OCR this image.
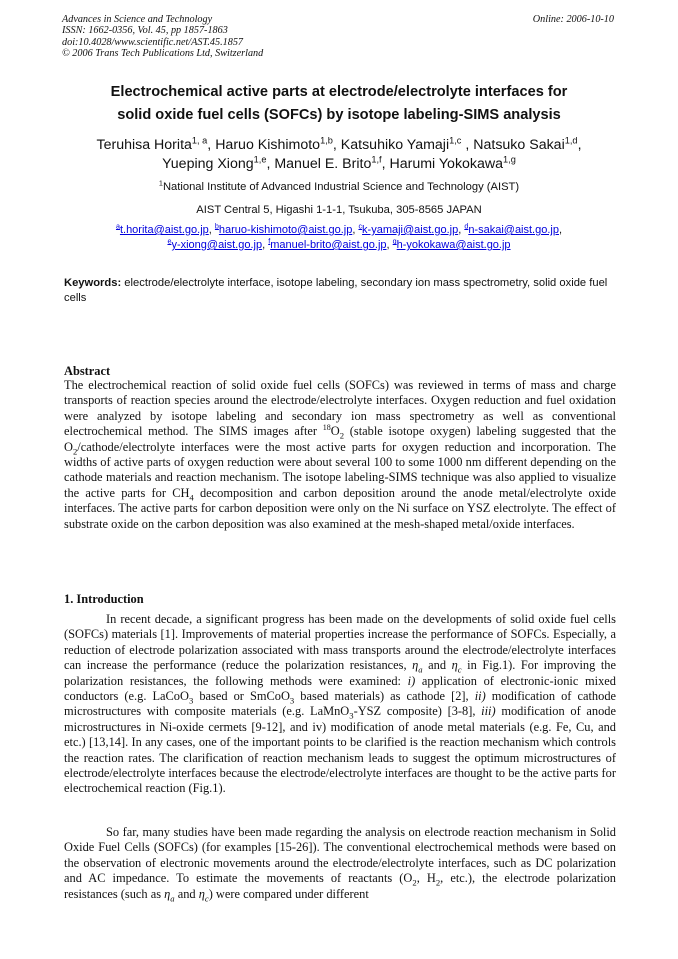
Advances in Science and Technology
ISSN: 1662-0356, Vol. 45, pp 1857-1863
doi:10.4028/www.scientific.net/AST.45.1857
© 2006 Trans Tech Publications Ltd, Switzerland
Online: 2006-10-10
Electrochemical active parts at electrode/electrolyte interfaces for
solid oxide fuel cells (SOFCs) by isotope labeling-SIMS analysis
Teruhisa Horita$^{1, a}$, Haruo Kishimoto$^{1,b}$, Katsuhiko Yamaji$^{1,c}$ , Natsuko Sakai$^{1,d}$,
Yueping Xiong$^{1,e}$, Manuel E. Brito$^{1,f}$, Harumi Yokokawa$^{1,g}$
$^1$National Institute of Advanced Industrial Science and Technology (AIST)
AIST Central 5, Higashi 1-1-1, Tsukuba, 305-8565 JAPAN
$^a$t.horita@aist.go.jp, $^b$haruo-kishimoto@aist.go.jp, $^c$k-yamaji@aist.go.jp, $^d$n-sakai@aist.go.jp,
$^e$y-xiong@aist.go.jp, $^f$manuel-brito@aist.go.jp, $^g$h-yokokawa@aist.go.jp
Keywords: electrode/electrolyte interface, isotope labeling, secondary ion mass spectrometry, solid oxide fuel cells
Abstract
The electrochemical reaction of solid oxide fuel cells (SOFCs) was reviewed in terms of mass and charge transports of reaction species around the electrode/electrolyte interfaces. Oxygen reduction and fuel oxidation were analyzed by isotope labeling and secondary ion mass spectrometry as well as conventional electrochemical method. The SIMS images after $^{18}O_2$ (stable isotope oxygen) labeling suggested that the $O_2/cathode$/electrolyte interfaces were the most active parts for oxygen reduction and incorporation. The widths of active parts of oxygen reduction were about several 100 to some 1000 nm different depending on the cathode materials and reaction mechanism. The isotope labeling-SIMS technique was also applied to visualize the active parts for $CH_4$ decomposition and carbon deposition around the anode metal/electrolyte oxide interfaces. The active parts for carbon deposition were only on the Ni surface on YSZ electrolyte. The effect of substrate oxide on the carbon deposition was also examined at the mesh-shaped metal/oxide interfaces.
1. Introduction
In recent decade, a significant progress has been made on the developments of solid oxide fuel cells (SOFCs) materials [1]. Improvements of material properties increase the performance of SOFCs. Especially, a reduction of electrode polarization associated with mass transports around the electrode/electrolyte interfaces can increase the performance (reduce the polarization resistances, $\eta_a$ and $\eta_c$ in Fig.1). For improving the polarization resistances, the following methods were examined: i) application of electronic-ionic mixed conductors (e.g. LaCoO$_3$ based or SmCoO$_3$ based materials) as cathode [2], ii) modification of cathode microstructures with composite materials (e.g. LaMnO$_3$-YSZ composite) [3-8], iii) modification of anode microstructures in Ni-oxide cermets [9-12], and iv) modification of anode metal materials (e.g. Fe, Cu, and etc.) [13,14]. In any cases, one of the important points to be clarified is the reaction mechanism which controls the reaction rates. The clarification of reaction mechanism leads to suggest the optimum microstructures of electrode/electrolyte interfaces because the electrode/electrolyte interfaces are thought to be the active parts for electrochemical reaction (Fig.1).
So far, many studies have been made regarding the analysis on electrode reaction mechanism in Solid Oxide Fuel Cells (SOFCs) (for examples [15-26]). The conventional electrochemical methods were based on the observation of electronic movements around the electrode/electrolyte interfaces, such as DC polarization and AC impedance. To estimate the movements of reactants ($O_2$, $H_2$, etc.), the electrode polarization resistances (such as $\eta_a$ and $\eta_c$) were compared under different
